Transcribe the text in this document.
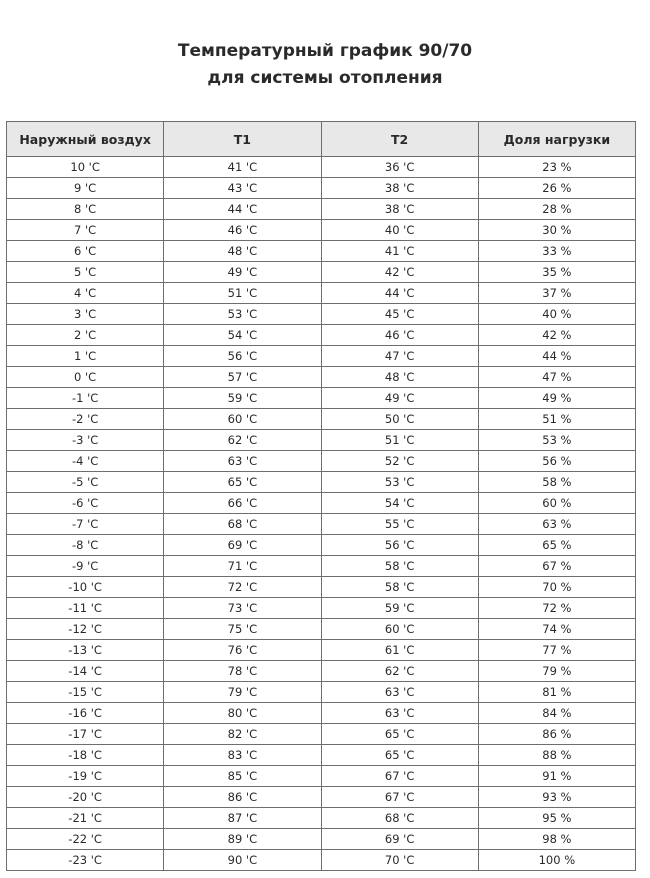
Температурный график 90/70
для системы отопления
Наружный воздух	T1	T2	Доля нагрузки
10 'C	41 'C	36 'C	23 %
9 'C	43 'C	38 'C	26 %
8 'C	44 'C	38 'C	28 %
7 'C	46 'C	40 'C	30 %
6 'C	48 'C	41 'C	33 %
5 'C	49 'C	42 'C	35 %
4 'C	51 'C	44 'C	37 %
3 'C	53 'C	45 'C	40 %
2 'C	54 'C	46 'C	42 %
1 'C	56 'C	47 'C	44 %
0 'C	57 'C	48 'C	47 %
-1 'C	59 'C	49 'C	49 %
-2 'C	60 'C	50 'C	51 %
-3 'C	62 'C	51 'C	53 %
-4 'C	63 'C	52 'C	56 %
-5 'C	65 'C	53 'C	58 %
-6 'C	66 'C	54 'C	60 %
-7 'C	68 'C	55 'C	63 %
-8 'C	69 'C	56 'C	65 %
-9 'C	71 'C	58 'C	67 %
-10 'C	72 'C	58 'C	70 %
-11 'C	73 'C	59 'C	72 %
-12 'C	75 'C	60 'C	74 %
-13 'C	76 'C	61 'C	77 %
-14 'C	78 'C	62 'C	79 %
-15 'C	79 'C	63 'C	81 %
-16 'C	80 'C	63 'C	84 %
-17 'C	82 'C	65 'C	86 %
-18 'C	83 'C	65 'C	88 %
-19 'C	85 'C	67 'C	91 %
-20 'C	86 'C	67 'C	93 %
-21 'C	87 'C	68 'C	95 %
-22 'C	89 'C	69 'C	98 %
-23 'C	90 'C	70 'C	100 %
